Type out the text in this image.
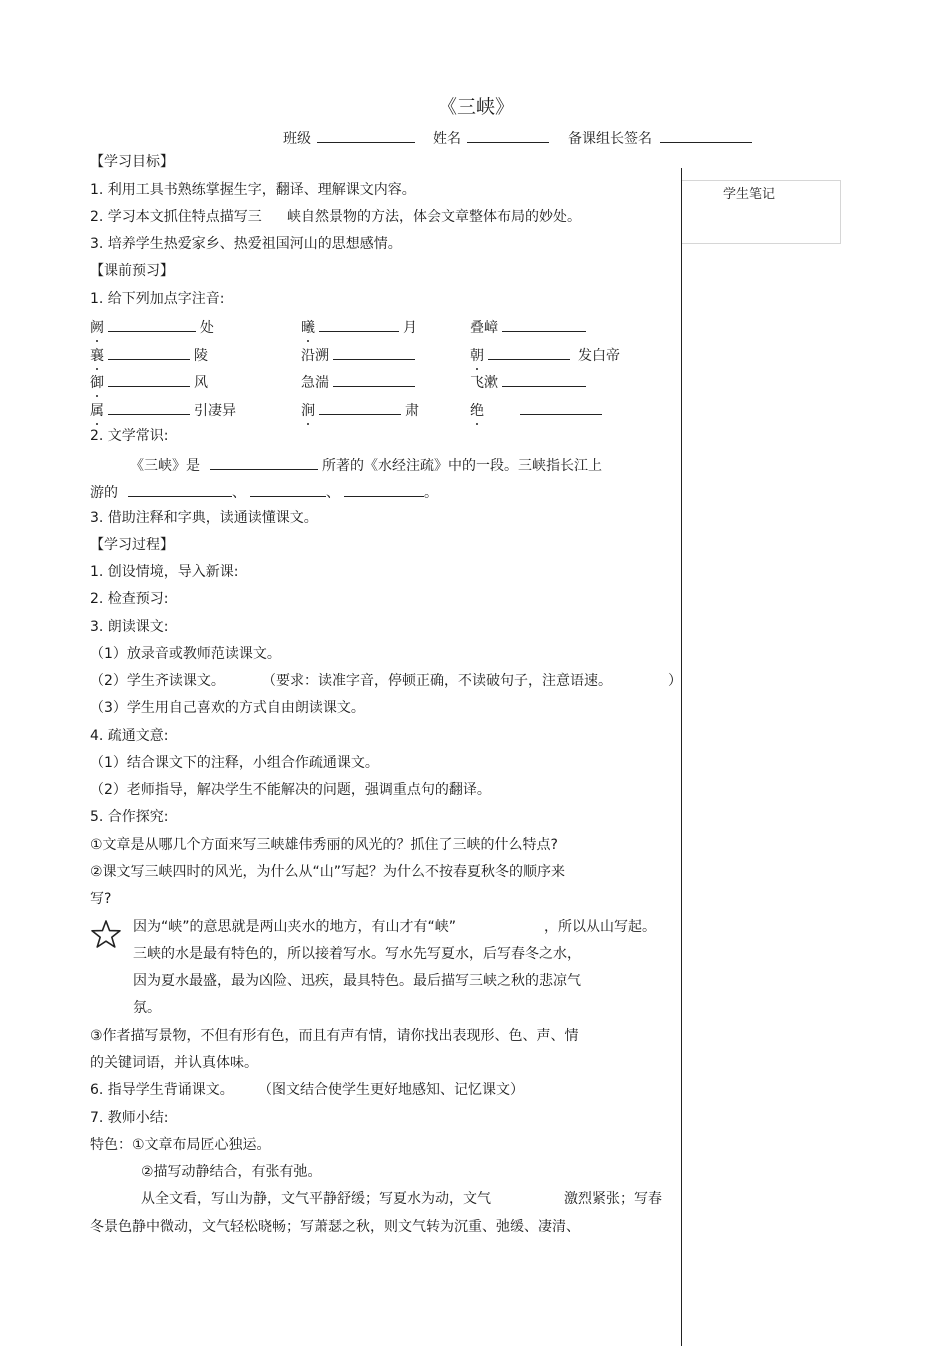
《三峡》
班级	姓名	备课组长签名
学生笔记
【学习目标】
1. 利用工具书熟练掌握生字，翻译、理解课文内容。
2. 学习本文抓住特点描写三 峡自然景物的方法，体会文章整体布局的妙处。
3. 培养学生热爱家乡、热爱祖国河山的思想感情。
【课前预习】
1. 给下列加点字注音:
阙	处	曦	月	叠嶂
襄	陵	沿溯	朝	发白帝
御	风	急湍	飞漱
属	引凄异	涧	肃	绝
2. 文学常识:
《三峡》是	所著的《水经注疏》中的一段。三峡指长江上
游的	、	、	。
3. 借助注释和字典，读通读懂课文。
【学习过程】
1. 创设情境，导入新课:
2. 检查预习:
3. 朗读课文:
（1）放录音或教师范读课文。
（2）学生齐读课文。	（要求：读准字音，停顿正确，不读破句子，注意语速。	）
（3）学生用自己喜欢的方式自由朗读课文。
4. 疏通文意:
（1）结合课文下的注释，小组合作疏通课文。
（2）老师指导，解决学生不能解决的问题，强调重点句的翻译。
5. 合作探究:
①文章是从哪几个方面来写三峡雄伟秀丽的风光的？抓住了三峡的什么特点?
②课文写三峡四时的风光，为什么从“山”写起？为什么不按春夏秋冬的顺序来
写?
因为“峡”的意思就是两山夹水的地方，有山才有“峡”	，所以从山写起。
三峡的水是最有特色的，所以接着写水。写水先写夏水，后写春冬之水，
因为夏水最盛，最为凶险、迅疾，最具特色。最后描写三峡之秋的悲凉气
氛。
③作者描写景物，不但有形有色，而且有声有情，请你找出表现形、色、声、情
的关键词语，并认真体味。
6. 指导学生背诵课文。 （图文结合使学生更好地感知、记忆课文）
7. 教师小结:
特色：①文章布局匠心独运。
②描写动静结合，有张有弛。
从全文看，写山为静，文气平静舒缓；写夏水为动，文气	激烈紧张；写春
冬景色静中微动，文气轻松晓畅；写萧瑟之秋，则文气转为沉重、弛缓、凄清、
